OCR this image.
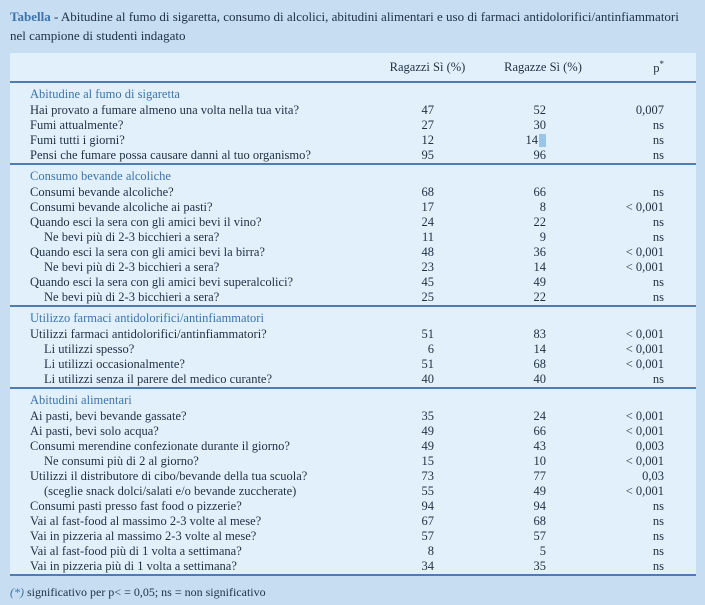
Tabella - Abitudine al fumo di sigaretta, consumo di alcolici, abitudini alimentari e uso di farmaci antidolorifici/antinfiammatori nel campione di studenti indagato
	Ragazzi Sì (%)	Ragazze Sì (%)	p*
Abitudine al fumo di sigaretta			
Hai provato a fumare almeno una volta nella tua vita?	47	52	0,007
Fumi attualmente?	27	30	ns
Fumi tutti i giorni?	12	14	ns
Pensi che fumare possa causare danni al tuo organismo?	95	96	ns
Consumo bevande alcoliche			
Consumi bevande alcoliche?	68	66	ns
Consumi bevande alcoliche ai pasti?	17	8	< 0,001
Quando esci la sera con gli amici bevi il vino?	24	22	ns
Ne bevi più di 2-3 bicchieri a sera?	11	9	ns
Quando esci la sera con gli amici bevi la birra?	48	36	< 0,001
Ne bevi più di 2-3 bicchieri a sera?	23	14	< 0,001
Quando esci la sera con gli amici bevi superalcolici?	45	49	ns
Ne bevi più di 2-3 bicchieri a sera?	25	22	ns
Utilizzo farmaci antidolorifici/antinfiammatori			
Utilizzi farmaci antidolorifici/antinfiammatori?	51	83	< 0,001
Li utilizzi spesso?	6	14	< 0,001
Li utilizzi occasionalmente?	51	68	< 0,001
Li utilizzi senza il parere del medico curante?	40	40	ns
Abitudini alimentari			
Ai pasti, bevi bevande gassate?	35	24	< 0,001
Ai pasti, bevi solo acqua?	49	66	< 0,001
Consumi merendine confezionate durante il giorno?	49	43	0,003
Ne consumi più di 2 al giorno?	15	10	< 0,001
Utilizzi il distributore di cibo/bevande della tua scuola?	73	77	0,03
(sceglie snack dolci/salati e/o bevande zuccherate)	55	49	< 0,001
Consumi pasti presso fast food o pizzerie?	94	94	ns
Vai al fast-food al massimo 2-3 volte al mese?	67	68	ns
Vai in pizzeria al massimo 2-3 volte al mese?	57	57	ns
Vai al fast-food più di 1 volta a settimana?	8	5	ns
Vai in pizzeria più di 1 volta a settimana?	34	35	ns
(*) significativo per p< = 0,05; ns = non significativo
